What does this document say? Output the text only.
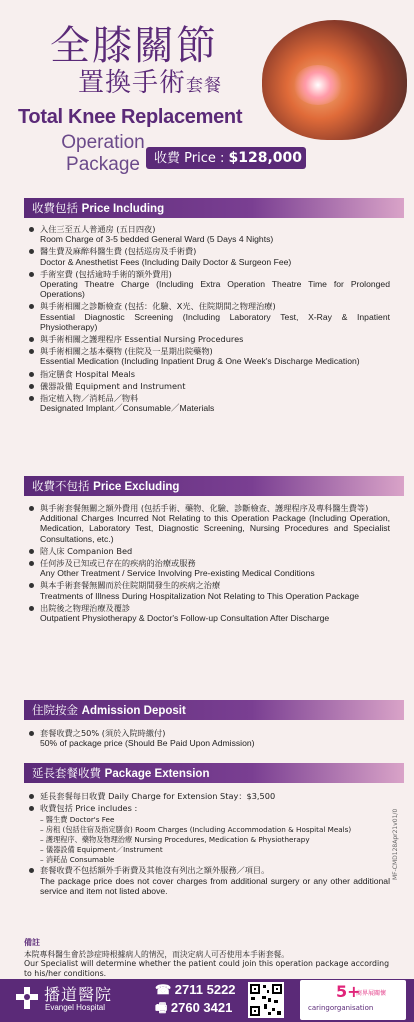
全膝關節
置換手術套餐
Total Knee Replacement
Operation
Package	收費 Price : $128,000
收費包括 Price Including
入住三至五人普通房 (五日四夜)
Room Charge of 3-5 bedded General Ward (5 Days 4 Nights)
醫生費及麻醉科醫生費 (包括巡房及手術費)
Doctor & Anesthetist Fees (Including Daily Doctor & Surgeon Fee)
手術室費 (包括逾時手術的額外費用)
Operating Theatre Charge (Including Extra Operation Theatre Time for Prolonged Operations)
與手術相關之診斷檢查 (包括：化驗、X光、住院期間之物理治療)
Essential Diagnostic Screening (Including Laboratory Test, X-Ray & Inpatient Physiotherapy)
與手術相關之護理程序 Essential Nursing Procedures
與手術相關之基本藥物 (住院及一星期出院藥物)
Essential Medication (Including Inpatient Drug & One Week's Discharge Medication)
指定膳食 Hospital Meals
儀器設備 Equipment and Instrument
指定植入物／消耗品／物料
Designated Implant／Consumable／Materials
收費不包括 Price Excluding
與手術套餐無關之額外費用 (包括手術、藥物、化驗、診斷檢查、護理程序及專科醫生費等)
Additional Charges Incurred Not Relating to this Operation Package (Including Operation, Medication, Laboratory Test, Diagnostic Screening, Nursing Procedures and Specialist Consultations, etc.)
陪人床 Companion Bed
任何涉及已知或已存在的疾病的治療或服務
Any Other Treatment / Service Involving Pre-existing Medical Conditions
與本手術套餐無關而於住院期間發生的疾病之治療
Treatments of Illness During Hospitalization Not Relating to This Operation Package
出院後之物理治療及覆診
Outpatient Physiotherapy & Doctor's Follow-up Consultation After Discharge
住院按金 Admission Deposit
套餐收費之50% (須於入院時繳付)
50% of package price (Should Be Paid Upon Admission)
延長套餐收費 Package Extension
延長套餐每日收費 Daily Charge for Extension Stay：$3,500
收費包括 Price includes :
– 醫生費 Doctor's Fee
– 房租 (包括住宿及指定膳食) Room Charges (Including Accommodation & Hospital Meals)
– 護理程序、藥物及物理治療 Nursing Procedures, Medication & Physiotherapy
– 儀器設備 Equipment／Instrument
– 消耗品 Consumable
套餐收費不包括額外手術費及其他沒有列出之額外服務／項目。
The package price does not cover charges from additional surgery or any other additional service and item not listed above.
備註
本院專科醫生會於診症時根據病人的情況，而決定病人可否使用本手術套餐。
Our Specialist will determine whether the patient could join this operation package according to his/her conditions.
MF-CMD128Apr21v01/0
播道醫院
Evangel Hospital
☎ 2711 5222
🖷 2760 3421
5+
商界展關懷
caringorganisation
